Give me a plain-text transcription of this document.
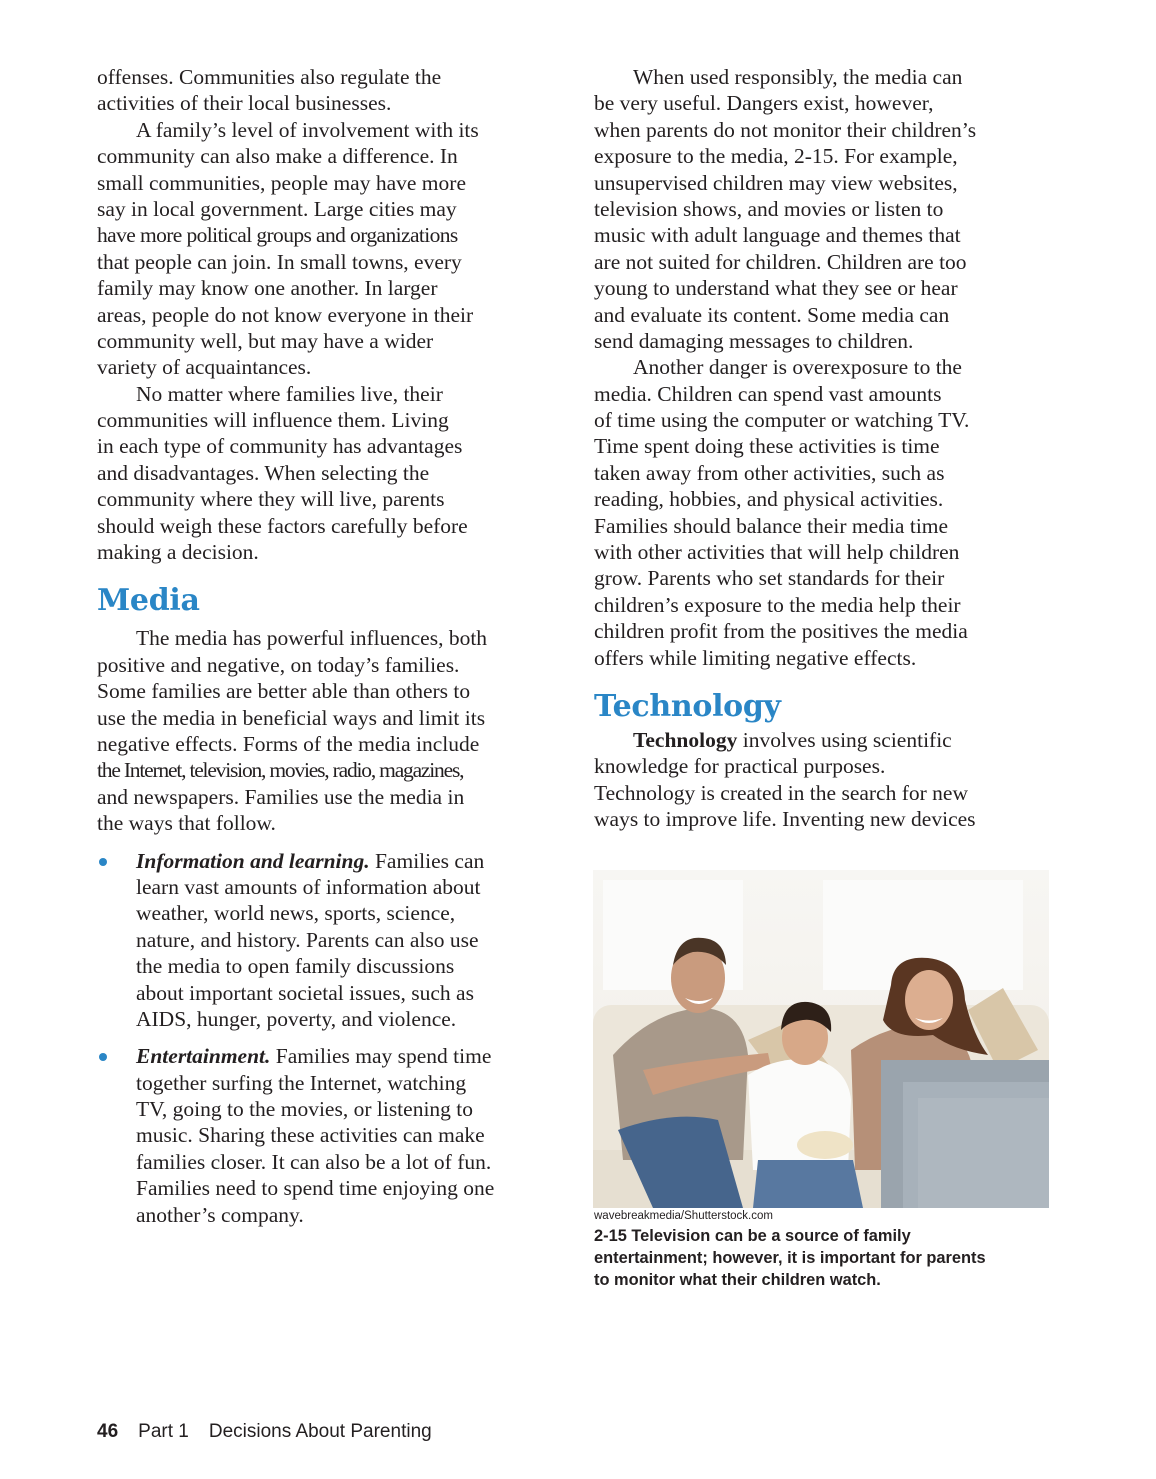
offenses. Communities also regulate the
activities of their local businesses.
A family’s level of involvement with its
community can also make a difference. In
small communities, people may have more
say in local government. Large cities may
have more political groups and organizations
that people can join. In small towns, every
family may know one another. In larger
areas, people do not know everyone in their
community well, but may have a wider
variety of acquaintances.
No matter where families live, their
communities will influence them. Living
in each type of community has advantages
and disadvantages. When selecting the
community where they will live, parents
should weigh these factors carefully before
making a decision.
Media
The media has powerful influences, both
positive and negative, on today’s families.
Some families are better able than others to
use the media in beneficial ways and limit its
negative effects. Forms of the media include
the Internet, television, movies, radio, magazines,
and newspapers. Families use the media in
the ways that follow.
Information and learning. Families can
learn vast amounts of information about
weather, world news, sports, science,
nature, and history. Parents can also use
the media to open family discussions
about important societal issues, such as
AIDS, hunger, poverty, and violence.
Entertainment. Families may spend time
together surfing the Internet, watching
TV, going to the movies, or listening to
music. Sharing these activities can make
families closer. It can also be a lot of fun.
Families need to spend time enjoying one
another’s company.
When used responsibly, the media can
be very useful. Dangers exist, however,
when parents do not monitor their children’s
exposure to the media, 2-15. For example,
unsupervised children may view websites,
television shows, and movies or listen to
music with adult language and themes that
are not suited for children. Children are too
young to understand what they see or hear
and evaluate its content. Some media can
send damaging messages to children.
Another danger is overexposure to the
media. Children can spend vast amounts
of time using the computer or watching TV.
Time spent doing these activities is time
taken away from other activities, such as
reading, hobbies, and physical activities.
Families should balance their media time
with other activities that will help children
grow. Parents who set standards for their
children’s exposure to the media help their
children profit from the positives the media
offers while limiting negative effects.
Technology
Technology involves using scientific
knowledge for practical purposes.
Technology is created in the search for new
ways to improve life. Inventing new devices
wavebreakmedia/Shutterstock.com
2-15 Television can be a source of family
entertainment; however, it is important for parents
to monitor what their children watch.
46 Part 1 Decisions About Parenting
